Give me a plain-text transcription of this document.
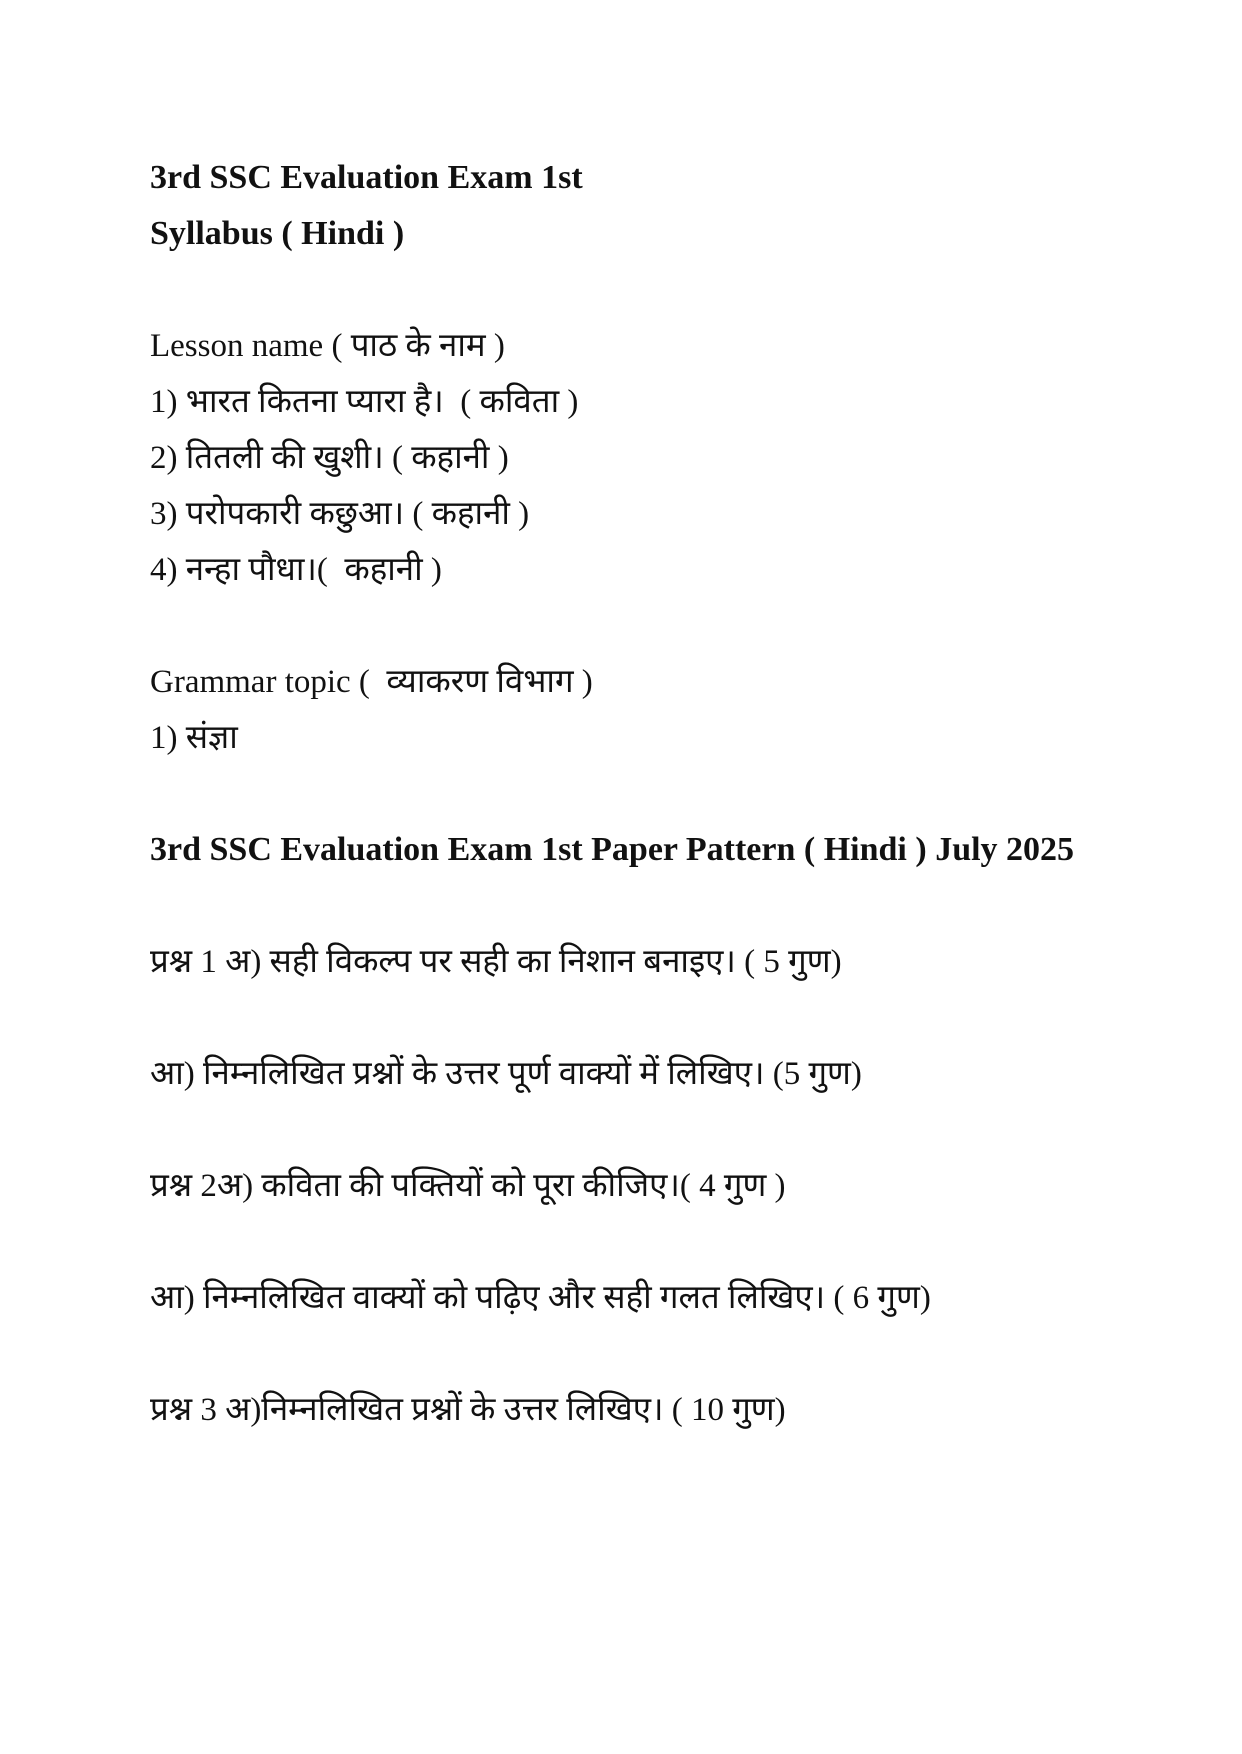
3rd SSC Evaluation Exam 1st
Syllabus ( Hindi )
Lesson name ( पाठ के नाम )
1) भारत कितना प्यारा है।  ( कविता )
2) तितली की खुशी। ( कहानी )
3) परोपकारी कछुआ। ( कहानी )
4) नन्हा पौधा।(  कहानी )
Grammar topic (  व्याकरण विभाग )
1) संज्ञा
3rd SSC Evaluation Exam 1st Paper Pattern ( Hindi ) July 2025
प्रश्न 1 अ) सही विकल्प पर सही का निशान बनाइए। ( 5 गुण)
आ) निम्नलिखित प्रश्नों के उत्तर पूर्ण वाक्यों में लिखिए। (5 गुण)
प्रश्न 2अ) कविता की पक्तियों को पूरा कीजिए।( 4 गुण )
आ) निम्नलिखित वाक्यों को पढ़िए और सही गलत लिखिए। ( 6 गुण)
प्रश्न 3 अ)निम्नलिखित प्रश्नों के उत्तर लिखिए। ( 10 गुण)
